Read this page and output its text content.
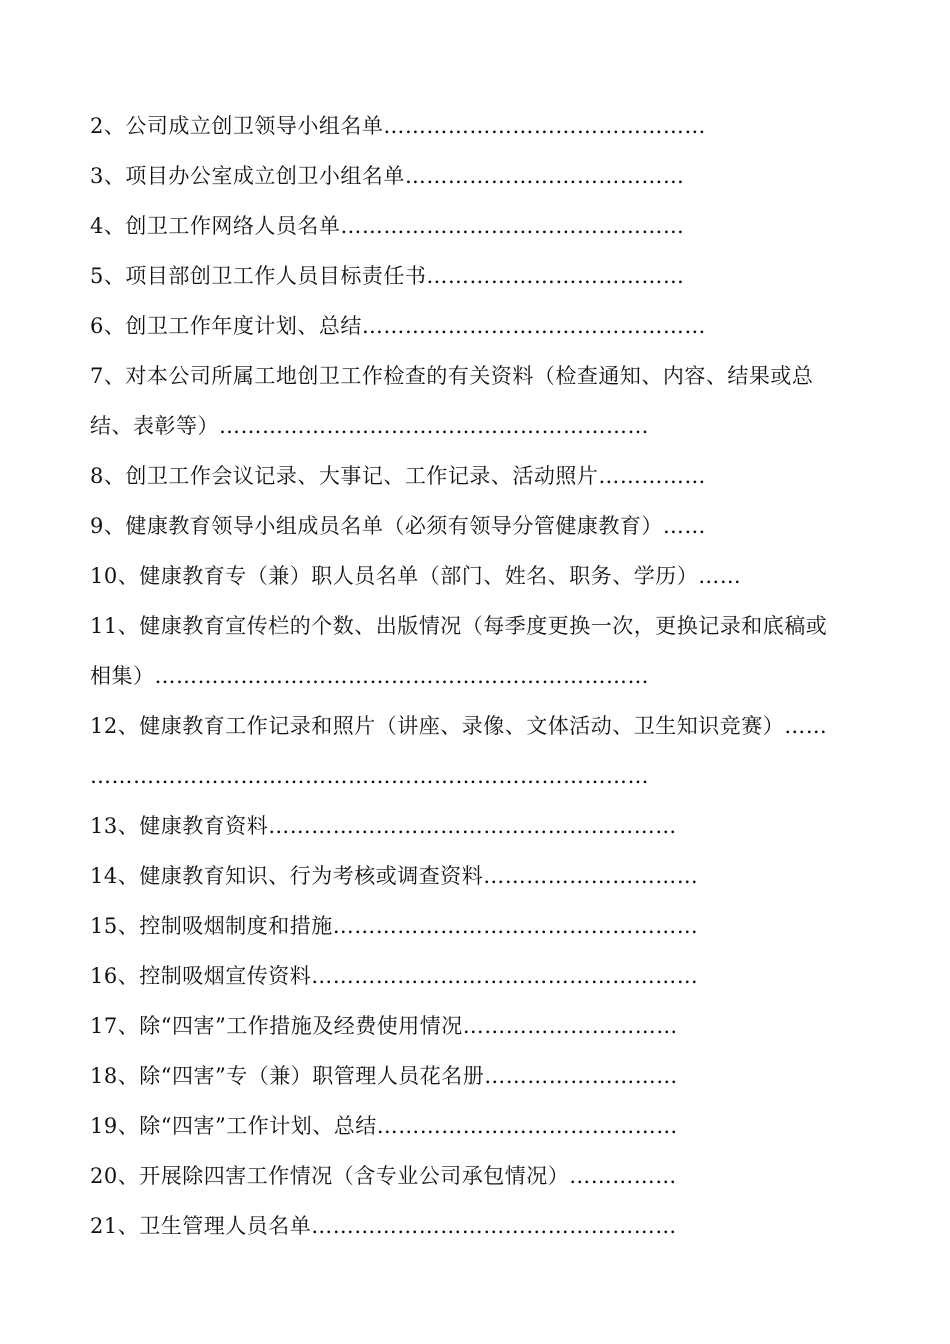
2、公司成立创卫领导小组名单………………………………………
3、项目办公室成立创卫小组名单…………………………………
4、创卫工作网络人员名单…………………………………………
5、项目部创卫工作人员目标责任书………………………………
6、创卫工作年度计划、总结…………………………………………
7、对本公司所属工地创卫工作检查的有关资料（检查通知、内容、结果或总
结、表彰等）……………………………………………………
8、创卫工作会议记录、大事记、工作记录、活动照片……………
9、健康教育领导小组成员名单（必须有领导分管健康教育）……
10、健康教育专（兼）职人员名单（部门、姓名、职务、学历）……
11、健康教育宣传栏的个数、出版情况（每季度更换一次，更换记录和底稿或
相集）……………………………………………………………
12、健康教育工作记录和照片（讲座、录像、文体活动、卫生知识竞赛）……
……………………………………………………………………
13、健康教育资料…………………………………………………
14、健康教育知识、行为考核或调查资料…………………………
15、控制吸烟制度和措施……………………………………………
16、控制吸烟宣传资料………………………………………………
17、除“四害”工作措施及经费使用情况…………………………
18、除“四害”专（兼）职管理人员花名册………………………
19、除“四害”工作计划、总结……………………………………
20、开展除四害工作情况（含专业公司承包情况）……………
21、卫生管理人员名单……………………………………………
